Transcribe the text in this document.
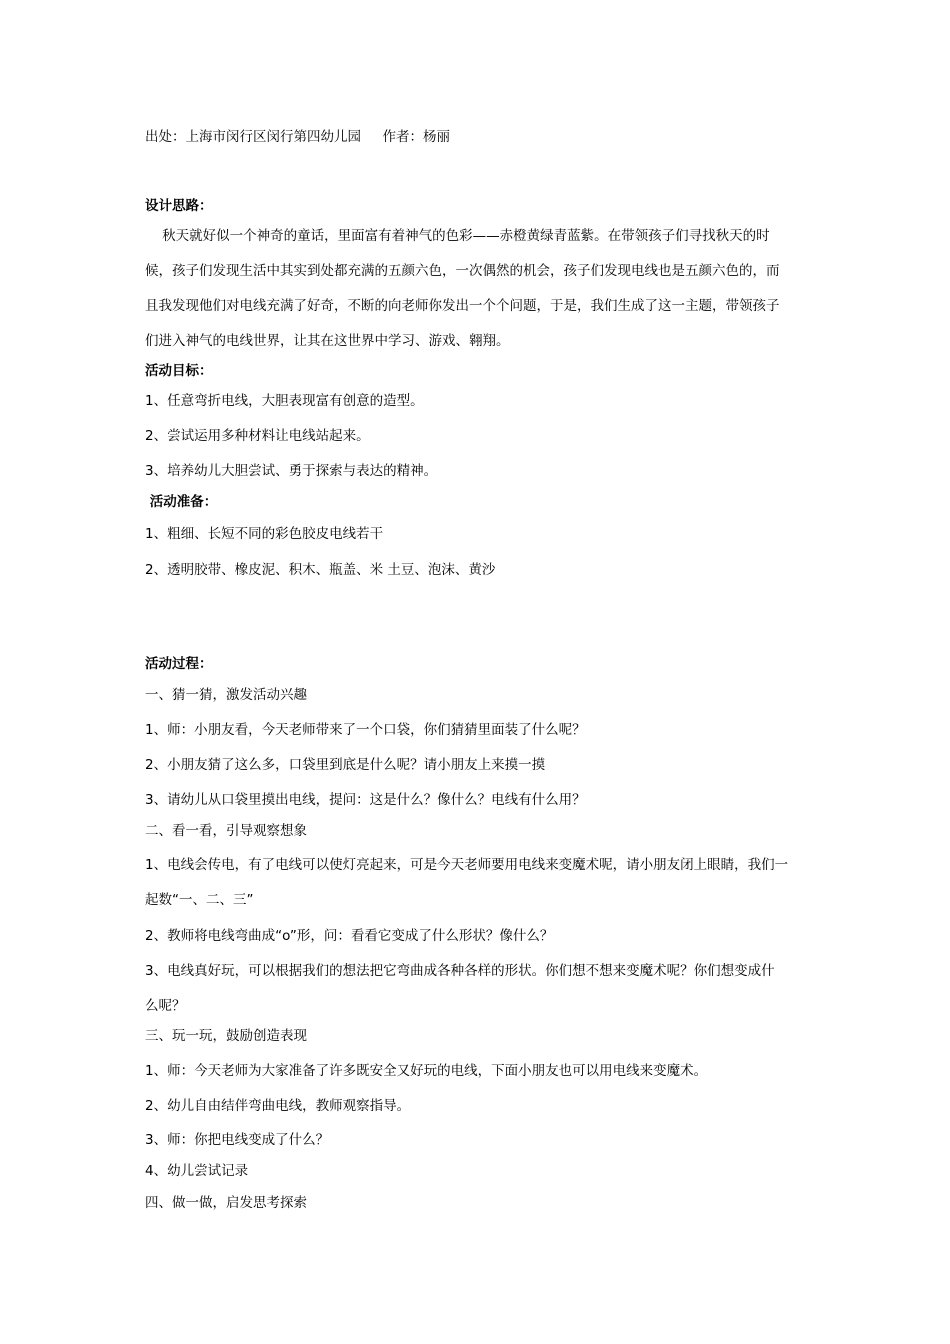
出处：上海市闵行区闵行第四幼儿园     作者：杨丽
设计思路：
秋天就好似一个神奇的童话，里面富有着神气的色彩——赤橙黄绿青蓝紫。在带领孩子们寻找秋天的时
候，孩子们发现生活中其实到处都充满的五颜六色，一次偶然的机会，孩子们发现电线也是五颜六色的，而
且我发现他们对电线充满了好奇，不断的向老师你发出一个个问题，于是，我们生成了这一主题，带领孩子
们进入神气的电线世界，让其在这世界中学习、游戏、翱翔。
活动目标：
1、任意弯折电线，大胆表现富有创意的造型。
2、尝试运用多种材料让电线站起来。
3、培养幼儿大胆尝试、勇于探索与表达的精神。
活动准备：
1、粗细、长短不同的彩色胶皮电线若干
2、透明胶带、橡皮泥、积木、瓶盖、米 土豆、泡沫、黄沙
活动过程：
一、猜一猜，激发活动兴趣
1、师：小朋友看，今天老师带来了一个口袋，你们猜猜里面装了什么呢？
2、小朋友猜了这么多，口袋里到底是什么呢？请小朋友上来摸一摸
3、请幼儿从口袋里摸出电线，提问：这是什么？像什么？电线有什么用？
二、看一看，引导观察想象
1、电线会传电，有了电线可以使灯亮起来，可是今天老师要用电线来变魔术呢，请小朋友闭上眼睛，我们一
起数“一、二、三”
2、教师将电线弯曲成“o”形，问：看看它变成了什么形状？像什么？
3、电线真好玩，可以根据我们的想法把它弯曲成各种各样的形状。你们想不想来变魔术呢？你们想变成什
么呢？
三、玩一玩，鼓励创造表现
1、师：今天老师为大家准备了许多既安全又好玩的电线，下面小朋友也可以用电线来变魔术。
2、幼儿自由结伴弯曲电线，教师观察指导。
3、师：你把电线变成了什么？
4、幼儿尝试记录
四、做一做，启发思考探索
